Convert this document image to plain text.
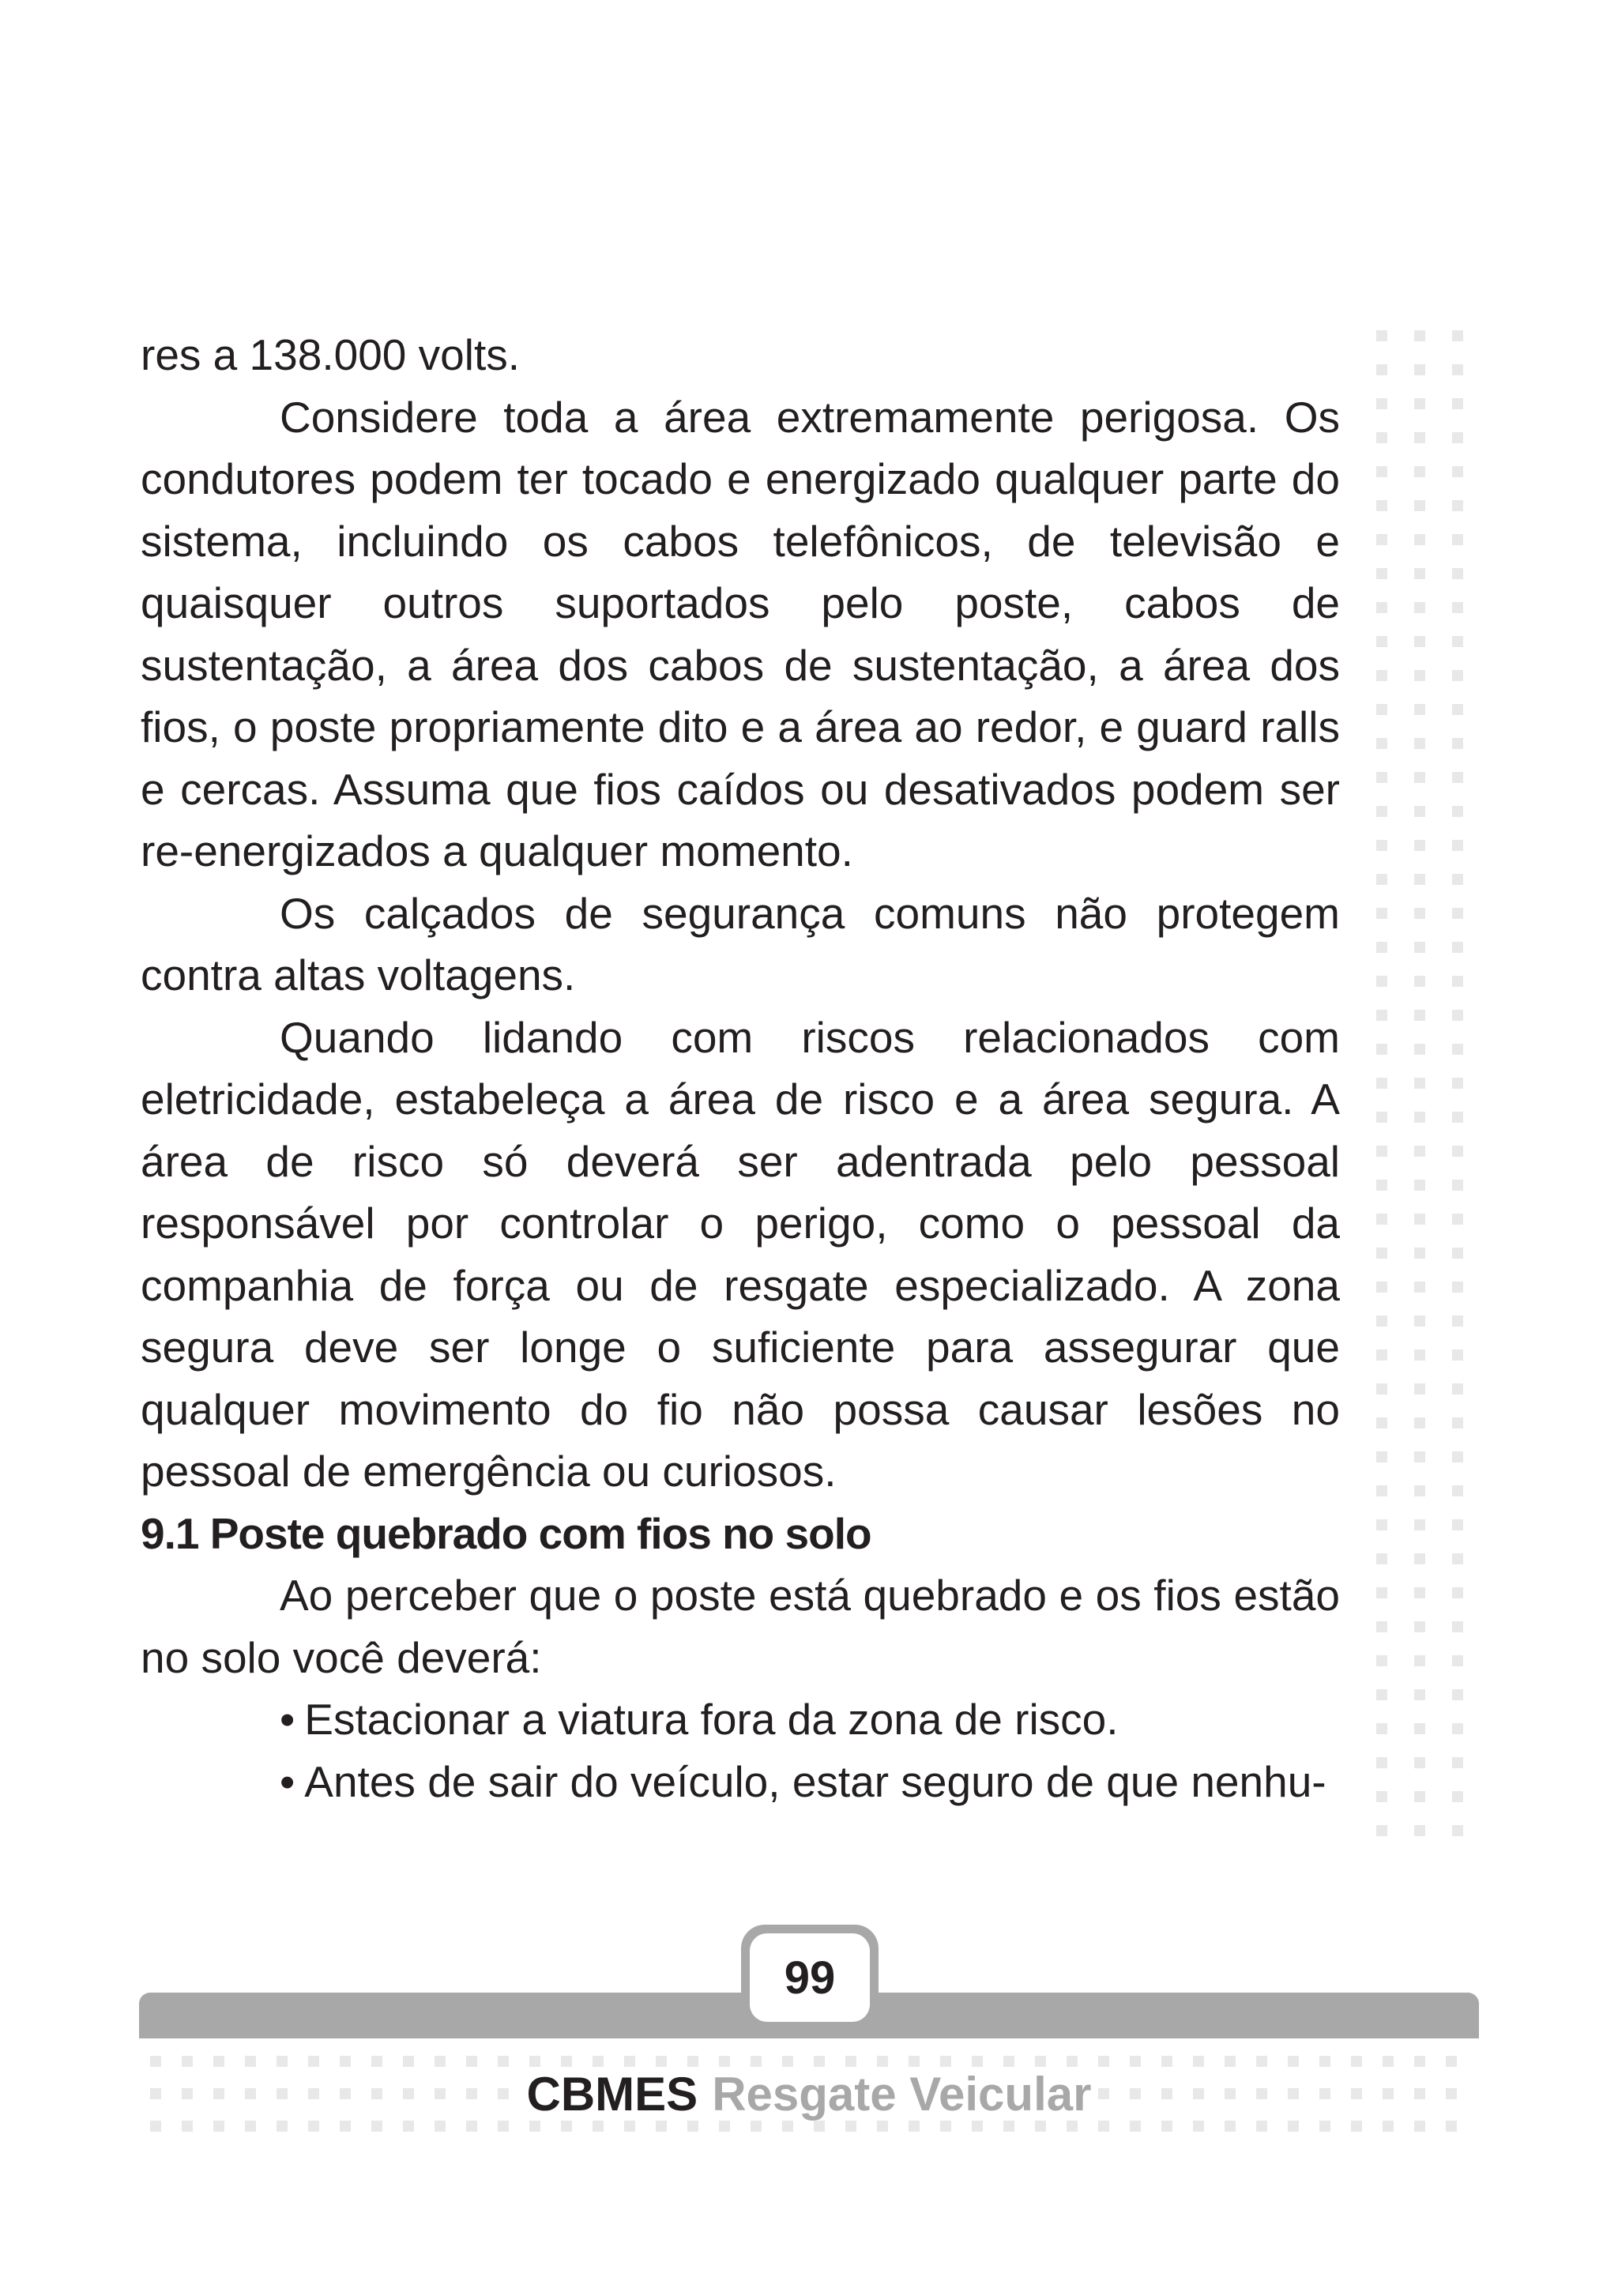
res a 138.000 volts.

Considere toda a área extremamente perigosa. Os condutores podem ter tocado e energizado qualquer parte do sistema, incluindo os cabos telefônicos, de televisão e quaisquer outros suportados pelo poste, cabos de sustentação, a área dos cabos de sustentação, a área dos fios, o poste propriamente dito e a área ao redor, e guard ralls e cercas. Assuma que fios caídos ou desativados podem ser re-energizados a qualquer momento.

Os calçados de segurança comuns não protegem contra altas voltagens.

Quando lidando com riscos relacionados com eletricidade, estabeleça a área de risco e a área segura. A área de risco só deverá ser adentrada pelo pessoal responsável por controlar o perigo, como o pessoal da companhia de força ou de resgate especializado. A zona segura deve ser longe o suficiente para assegurar que qualquer movimento do fio não possa causar lesões no pessoal de emergência ou curiosos.

9.1 Poste quebrado com fios no solo

Ao perceber que o poste está quebrado e os fios estão no solo você deverá:

• Estacionar a viatura fora da zona de risco.

• Antes de sair do veículo, estar seguro de que nenhu-

99
CBMES Resgate Veicular
